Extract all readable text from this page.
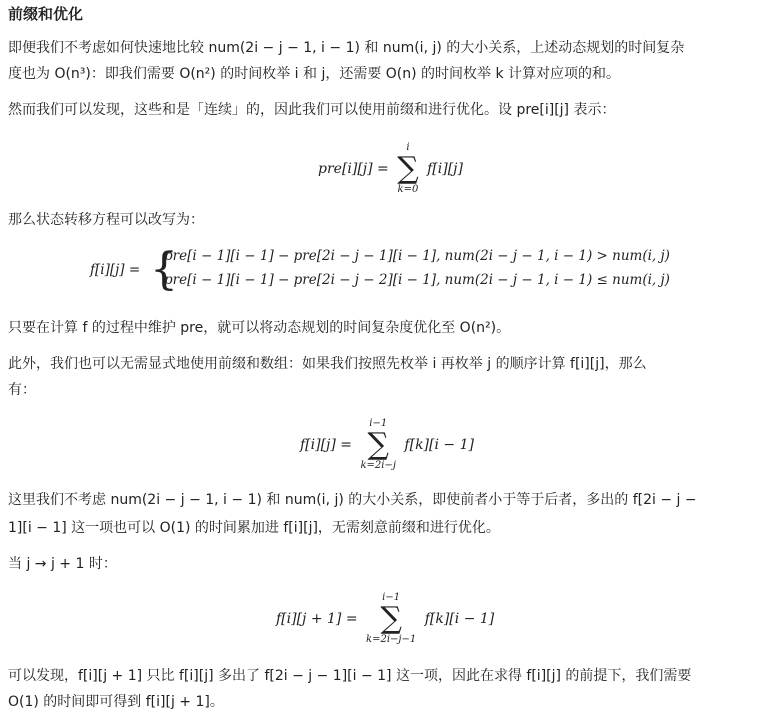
前缀和优化
即便我们不考虑如何快速地比较 num(2i − j − 1, i − 1) 和 num(i, j) 的大小关系，上述动态规划的时间复杂
度也为 O(n³)：即我们需要 O(n²) 的时间枚举 i 和 j，还需要 O(n) 的时间枚举 k 计算对应项的和。
然而我们可以发现，这些和是「连续」的，因此我们可以使用前缀和进行优化。设 pre[i][j] 表示：
pre[i][j] =
i
∑
k=0
f[i][j]
那么状态转移方程可以改写为：
f[i][j] = {
pre[i − 1][i − 1] − pre[2i − j − 1][i − 1], num(2i − j − 1, i − 1) > num(i, j)
pre[i − 1][i − 1] − pre[2i − j − 2][i − 1], num(2i − j − 1, i − 1) ≤ num(i, j)
只要在计算 f 的过程中维护 pre，就可以将动态规划的时间复杂度优化至 O(n²)。
此外，我们也可以无需显式地使用前缀和数组：如果我们按照先枚举 i 再枚举 j 的顺序计算 f[i][j]，那么
有：
f[i][j] =
i−1
∑
k=2i−j
f[k][i − 1]
这里我们不考虑 num(2i − j − 1, i − 1) 和 num(i, j) 的大小关系，即使前者小于等于后者，多出的 f[2i − j −
1][i − 1] 这一项也可以 O(1) 的时间累加进 f[i][j]，无需刻意前缀和进行优化。
当 j → j + 1 时：
f[i][j + 1] =
i−1
∑
k=2i−j−1
f[k][i − 1]
可以发现，f[i][j + 1] 只比 f[i][j] 多出了 f[2i − j − 1][i − 1] 这一项，因此在求得 f[i][j] 的前提下，我们需要
O(1) 的时间即可得到 f[i][j + 1]。
